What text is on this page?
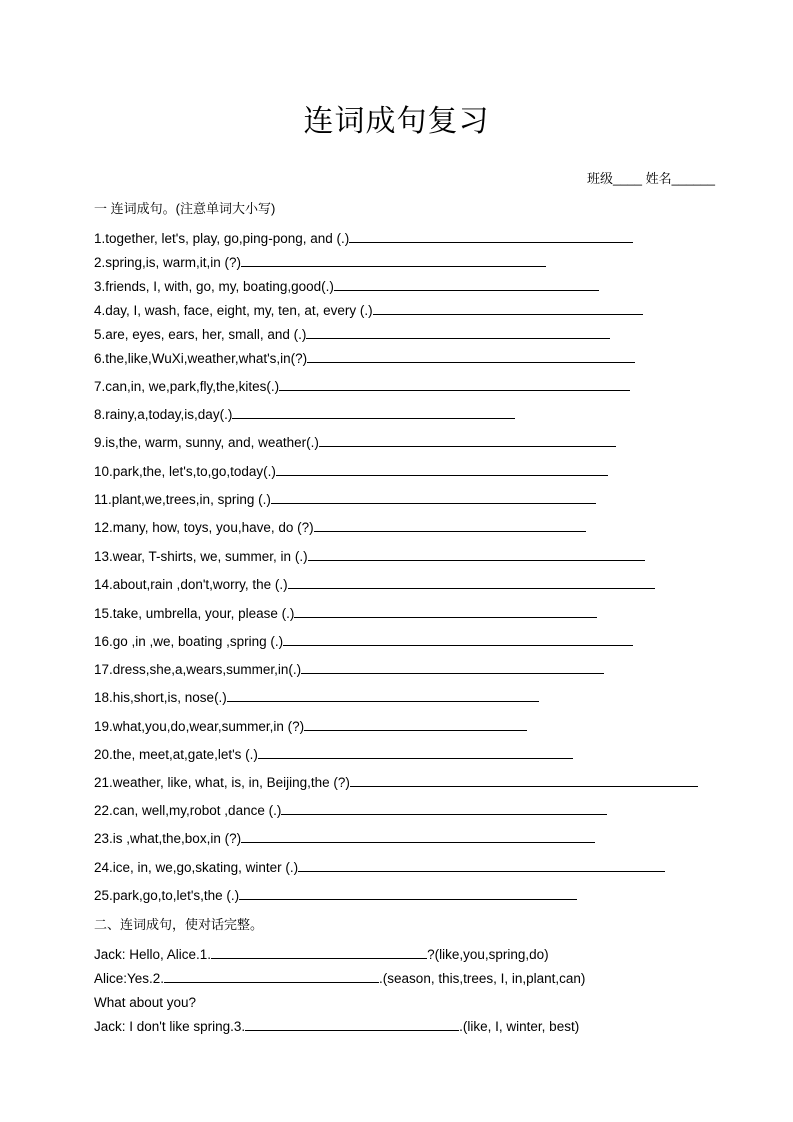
连词成句复习
班级____ 姓名______
一 连词成句。(注意单词大小写)
1.together, let's, play, go,ping-pong, and (.)
2.spring,is, warm,it,in (?)
3.friends, I, with, go, my, boating,good(.)
4.day, I, wash, face, eight, my, ten, at, every (.)
5.are, eyes, ears, her, small, and (.)
6.the,like,WuXi,weather,what's,in(?)
7.can,in, we,park,fly,the,kites(.)
8.rainy,a,today,is,day(.)
9.is,the, warm, sunny, and, weather(.)
10.park,the, let's,to,go,today(.)
11.plant,we,trees,in, spring (.)
12.many, how, toys, you,have, do (?)
13.wear, T-shirts, we, summer, in (.)
14.about,rain ,don't,worry, the (.)
15.take, umbrella, your, please (.)
16.go ,in ,we, boating ,spring (.)
17.dress,she,a,wears,summer,in(.)
18.his,short,is, nose(.)
19.what,you,do,wear,summer,in (?)
20.the, meet,at,gate,let's (.)
21.weather, like, what, is, in, Beijing,the (?)
22.can, well,my,robot ,dance (.)
23.is ,what,the,box,in (?)
24.ice, in, we,go,skating, winter (.)
25.park,go,to,let's,the (.)
二、连词成句，使对话完整。
Jack: Hello, Alice.1.	?(like,you,spring,do)
Alice:Yes.2.	.(season, this,trees, I, in,plant,can)
What about you?
Jack: I don't like spring.3.	.(like, I, winter, best)
